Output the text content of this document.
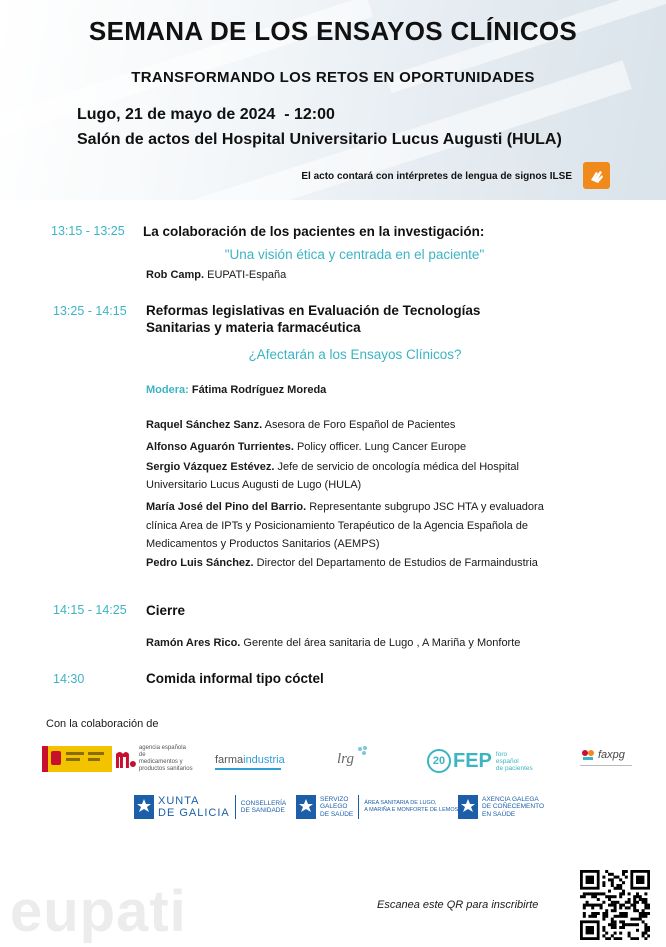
SEMANA DE LOS ENSAYOS CLÍNICOS
TRANSFORMANDO LOS RETOS EN OPORTUNIDADES
Lugo, 21 de mayo de 2024  - 12:00
Salón de actos del Hospital Universitario Lucus Augusti (HULA)
El acto contará con intérpretes de lengua de signos ILSE
13:15 - 13:25 La colaboración de los pacientes en la investigación:
"Una visión ética y centrada en el paciente"
Rob Camp. EUPATI-España
13:25 - 14:15 Reformas legislativas en Evaluación de Tecnologías
Sanitarias y materia farmacéutica
¿Afectarán a los Ensayos Clínicos?
Modera: Fátima Rodríguez Moreda
Raquel Sánchez Sanz. Asesora de Foro Español de Pacientes
Alfonso Aguarón Turrientes. Policy officer. Lung Cancer Europe
Sergio Vázquez Estévez. Jefe de servicio de oncología médica del Hospital
Universitario Lucus Augusti de Lugo (HULA)
María José del Pino del Barrio. Representante subgrupo JSC HTA y evaluadora
clínica Area de IPTs y Posicionamiento Terapéutico de la Agencia Española de
Medicamentos y Productos Sanitarios (AEMPS)
Pedro Luis Sánchez. Director del Departamento de Estudios de Farmaindustria
14:15 - 14:25 Cierre
Ramón Ares Rico. Gerente del área sanitaria de Lugo , A Mariña y Monforte
14:30	Comida informal tipo cóctel
Con la colaboración de
agencia española de
medicamentos y
productos sanitarios
farma industria	lrg	20 FEP foro
español
de pacientes
faxpg
XUNTA
DE GALICIA
CONSELLERÍA
DE SANIDADE
SERVIZO
GALEGO
DE SAÚDE
ÁREA SANITARIA DE LUGO,
A MARIÑA E MONFORTE DE LEMOS
AXENCIA GALEGA
DE COÑECEMENTO
EN SAÚDE
eupati	Escanea este QR para inscribirte
